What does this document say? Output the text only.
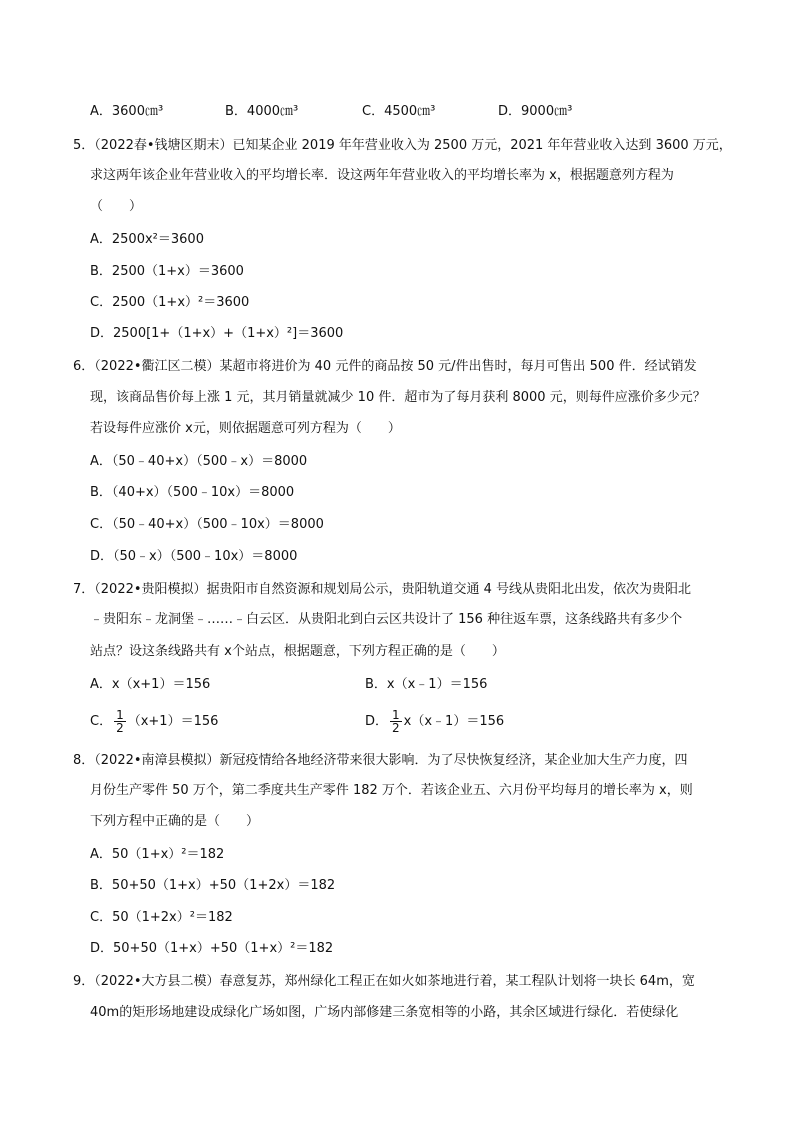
A．3600㎝³	B．4000㎝³	C．4500㎝³	D．9000㎝³
5．（2022春•钱塘区期末）已知某企业 2019 年年营业收入为 2500 万元，2021 年年营业收入达到 3600 万元，
求这两年该企业年营业收入的平均增长率．设这两年年营业收入的平均增长率为 x，根据题意列方程为
（　　）
A．2500x²＝3600
B．2500（1+x）＝3600
C．2500（1+x）²＝3600
D．2500[1+（1+x）+（1+x）²]＝3600
6．（2022•衢江区二模）某超市将进价为 40 元件的商品按 50 元/件出售时，每月可售出 500 件．经试销发
现，该商品售价每上涨 1 元，其月销量就减少 10 件．超市为了每月获利 8000 元，则每件应涨价多少元？
若设每件应涨价 x元，则依据题意可列方程为（　　）
A．（50﹣40+x）（500﹣x）＝8000
B．（40+x）（500﹣10x）＝8000
C．（50﹣40+x）（500﹣10x）＝8000
D．（50﹣x）（500﹣10x）＝8000
7．（2022•贵阳模拟）据贵阳市自然资源和规划局公示，贵阳轨道交通 4 号线从贵阳北出发，依次为贵阳北
﹣贵阳东﹣龙洞堡﹣……﹣白云区．从贵阳北到白云区共设计了 156 种往返车票，这条线路共有多少个
站点？设这条线路共有 x个站点，根据题意，下列方程正确的是（　　）
A．x（x+1）＝156	B．x（x﹣1）＝156
C． $\frac{1}{2} (x+1)=156$	D． $\frac{1}{2}$ x（x﹣1）＝156
8．（2022•南漳县模拟）新冠疫情给各地经济带来很大影响．为了尽快恢复经济，某企业加大生产力度，四
月份生产零件 50 万个，第二季度共生产零件 182 万个．若该企业五、六月份平均每月的增长率为 x，则
下列方程中正确的是（　　）
A．50（1+x）²＝182
B．50+50（1+x）+50（1+2x）＝182
C．50（1+2x）²＝182
D．50+50（1+x）+50（1+x）²＝182
9．（2022•大方县二模）春意复苏，郑州绿化工程正在如火如茶地进行着，某工程队计划将一块长 64m，宽
40m的矩形场地建设成绿化广场如图，广场内部修建三条宽相等的小路，其余区域进行绿化．若使绿化
